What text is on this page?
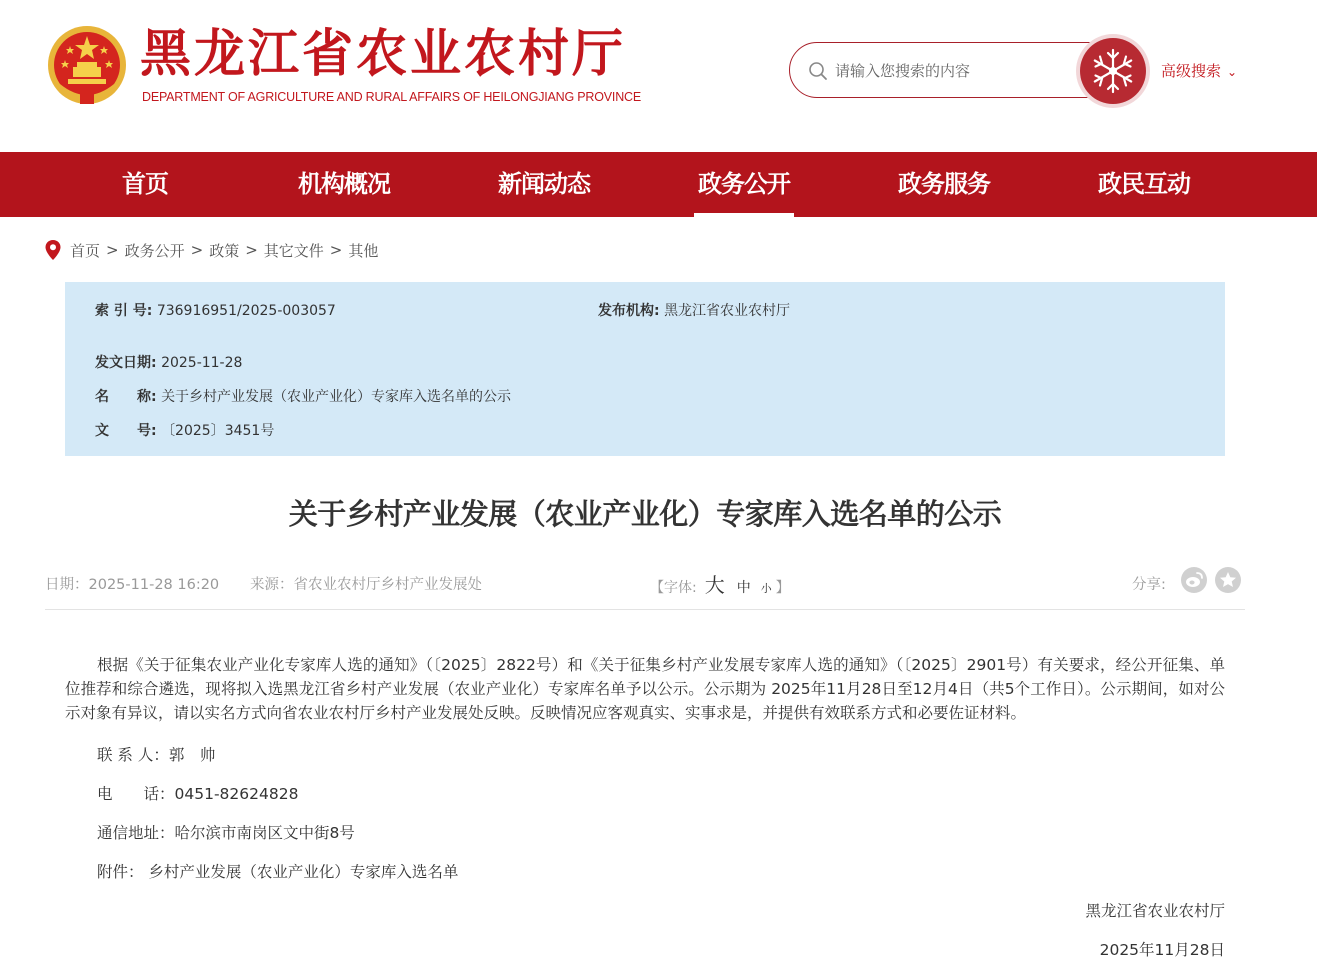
黑龙江省农业农村厅
DEPARTMENT OF AGRICULTURE AND RURAL AFFAIRS OF HEILONGJIANG PROVINCE
请输入您搜索的内容
高级搜索 ⌄
首页	机构概况	新闻动态	政务公开	政务服务	政民互动
首页 > 政务公开 > 政策 > 其它文件 > 其他
索 引 号: 736916951/2025-003057	发布机构: 黑龙江省农业农村厅
发文日期: 2025-11-28
名　　称: 关于乡村产业发展（农业产业化）专家库入选名单的公示
文　　号: 〔2025〕3451号
关于乡村产业发展（农业产业化）专家库入选名单的公示
日期：2025-11-28 16:20 来源：省农业农村厅乡村产业发展处	【字体: 大 中 小 】	分享:

根据《关于征集农业产业化专家库人选的通知》（〔2025〕2822号）和《关于征集乡村产业发展专家库人选的通知》（〔2025〕2901号）有关要求，经公开征集、单位推荐和综合遴选，现将拟入选黑龙江省乡村产业发展（农业产业化）专家库名单予以公示。公示期为 2025年11月28日至12月4日（共5个工作日）。公示期间，如对公示对象有异议，请以实名方式向省农业农村厅乡村产业发展处反映。反映情况应客观真实、实事求是，并提供有效联系方式和必要佐证材料。

联 系 人：郭　帅
电　　话：0451-82624828
通信地址：哈尔滨市南岗区文中街8号
附件： 乡村产业发展（农业产业化）专家库入选名单
黑龙江省农业农村厅
2025年11月28日
